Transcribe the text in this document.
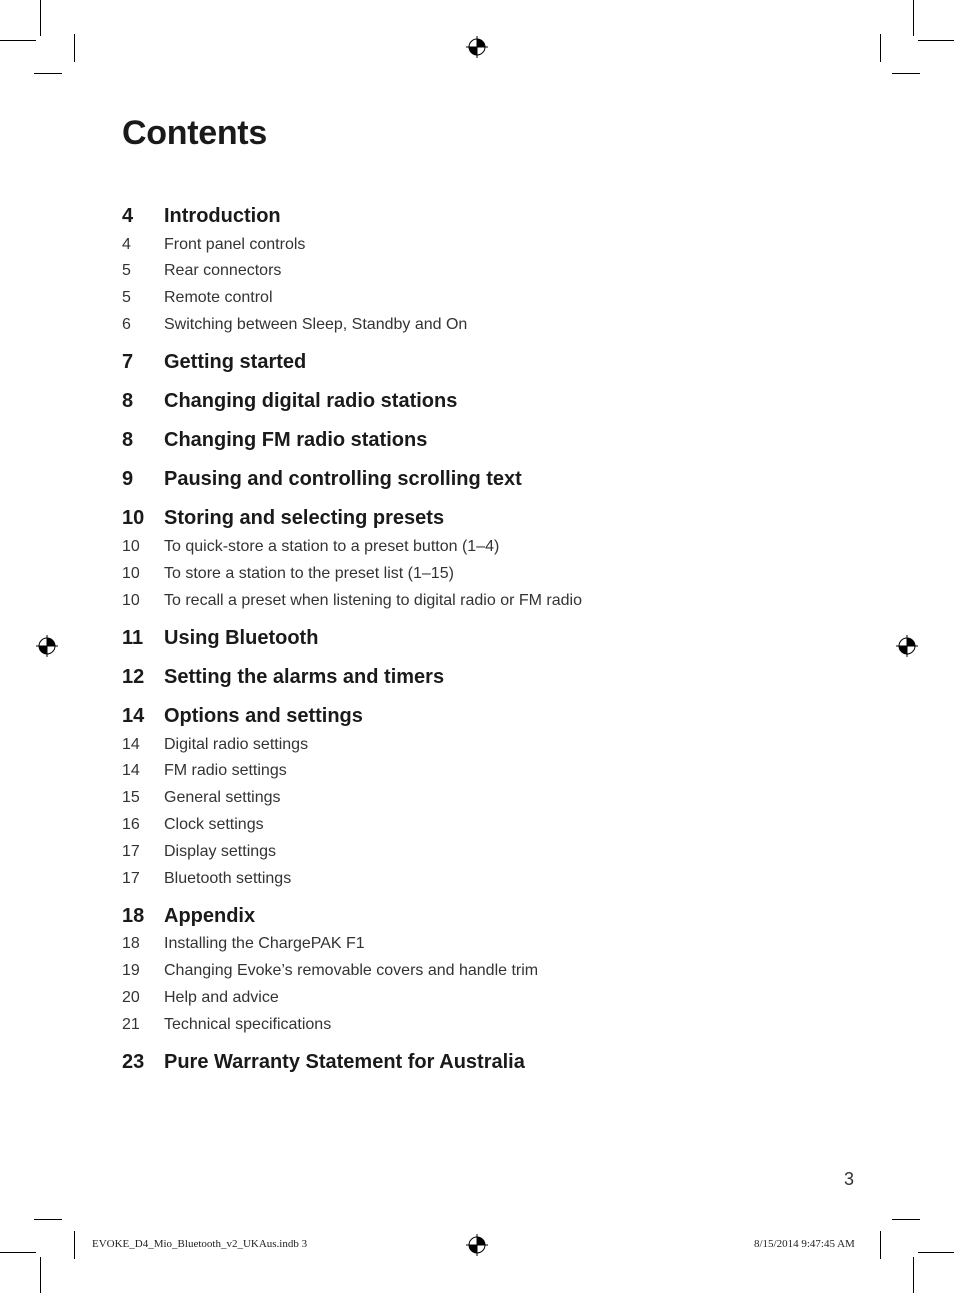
Contents
4 Introduction
4 Front panel controls
5 Rear connectors
5 Remote control
6 Switching between Sleep, Standby and On
7 Getting started
8 Changing digital radio stations
8 Changing FM radio stations
9 Pausing and controlling scrolling text
10 Storing and selecting presets
10 To quick-store a station to a preset button (1–4)
10 To store a station to the preset list (1–15)
10 To recall a preset when listening to digital radio or FM radio
11 Using Bluetooth
12 Setting the alarms and timers
14 Options and settings
14 Digital radio settings
14 FM radio settings
15 General settings
16 Clock settings
17 Display settings
17 Bluetooth settings
18 Appendix
18 Installing the ChargePAK F1
19 Changing Evoke’s removable covers and handle trim
20 Help and advice
21 Technical specifications
23 Pure Warranty Statement for Australia
3
EVOKE_D4_Mio_Bluetooth_v2_UKAus.indb 3	8/15/2014 9:47:45 AM
